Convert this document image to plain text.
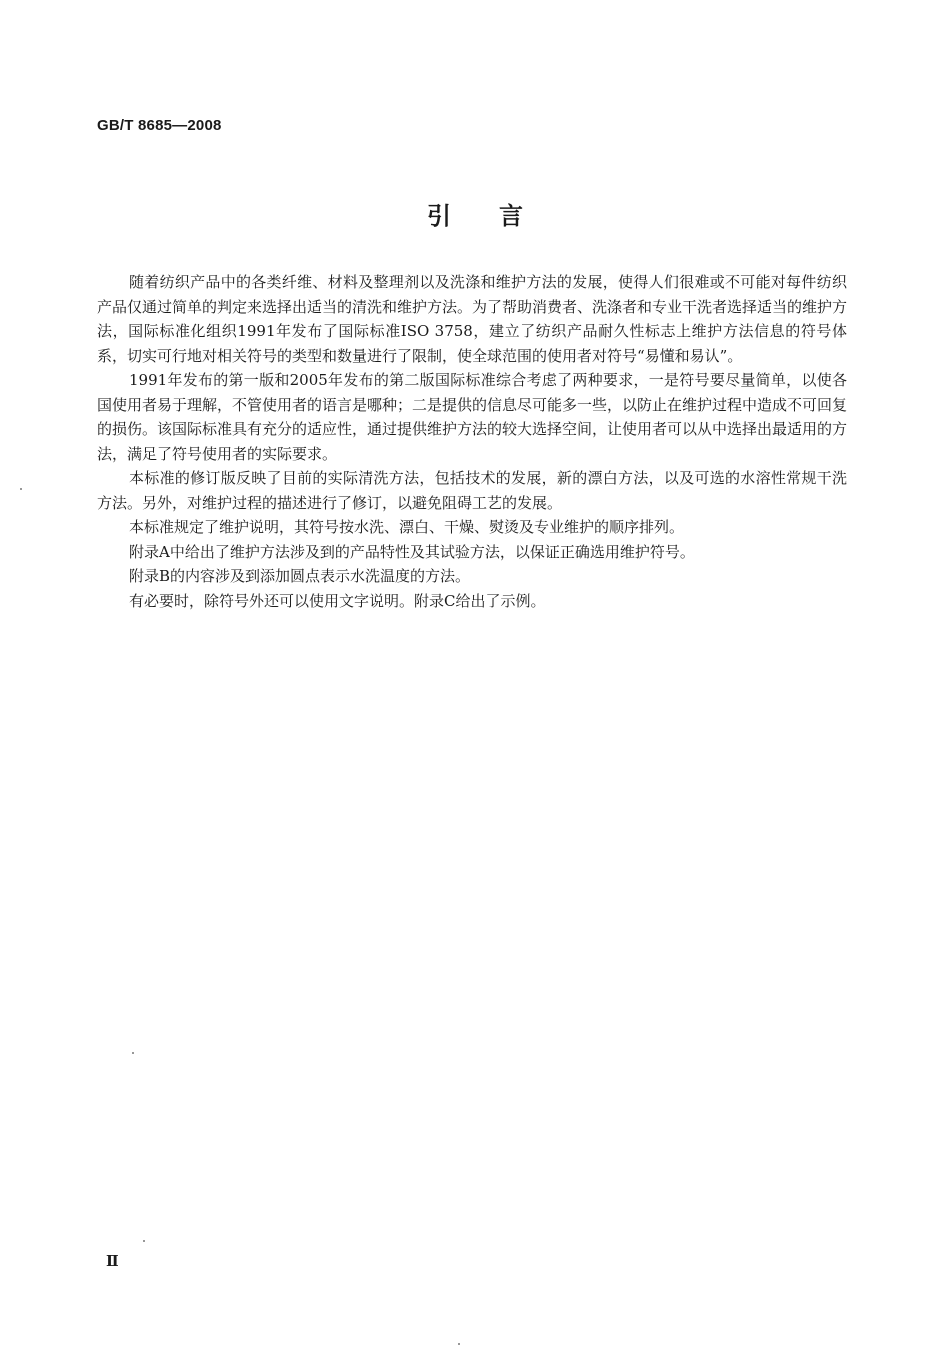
GB/T 8685—2008
引言

随着纺织产品中的各类纤维、材料及整理剂以及洗涤和维护方法的发展，使得人们很难或不可能对每件纺织产品仅通过简单的判定来选择出适当的清洗和维护方法。为了帮助消费者、洗涤者和专业干洗者选择适当的维护方法，国际标准化组织1991年发布了国际标准ISO 3758，建立了纺织产品耐久性标志上维护方法信息的符号体系，切实可行地对相关符号的类型和数量进行了限制，使全球范围的使用者对符号“易懂和易认”。

1991年发布的第一版和2005年发布的第二版国际标准综合考虑了两种要求，一是符号要尽量简单，以使各国使用者易于理解，不管使用者的语言是哪种；二是提供的信息尽可能多一些，以防止在维护过程中造成不可回复的损伤。该国际标准具有充分的适应性，通过提供维护方法的较大选择空间，让使用者可以从中选择出最适用的方法，满足了符号使用者的实际要求。

本标准的修订版反映了目前的实际清洗方法，包括技术的发展，新的漂白方法，以及可选的水溶性常规干洗方法。另外，对维护过程的描述进行了修订，以避免阻碍工艺的发展。

本标准规定了维护说明，其符号按水洗、漂白、干燥、熨烫及专业维护的顺序排列。

附录A中给出了维护方法涉及到的产品特性及其试验方法，以保证正确选用维护符号。

附录B的内容涉及到添加圆点表示水洗温度的方法。

有必要时，除符号外还可以使用文字说明。附录C给出了示例。

Ⅱ
